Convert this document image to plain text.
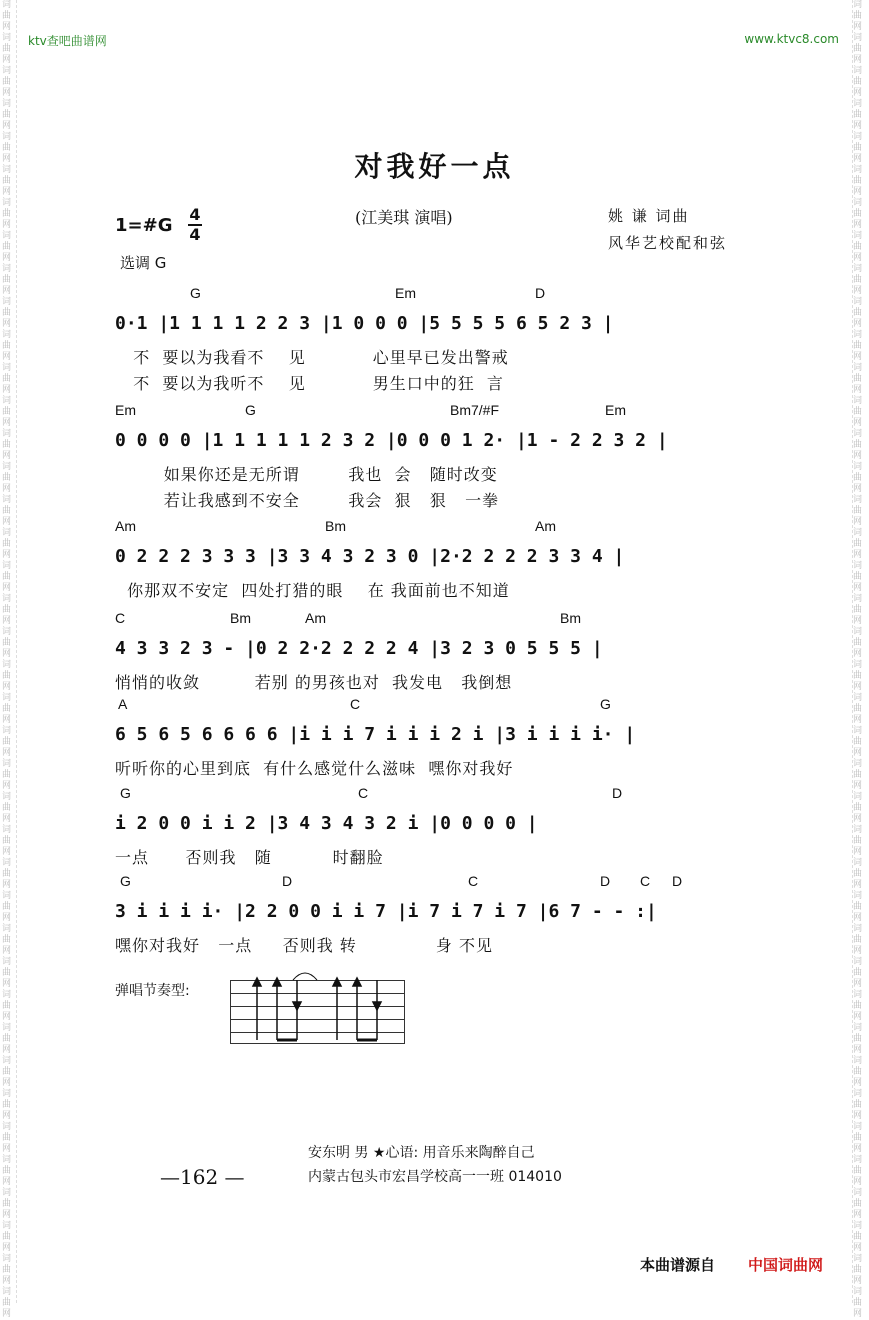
词曲网 词曲网 词曲网 词曲网 词曲网 词曲网 词曲网 词曲网 词曲网 词曲网 词曲网 词曲网 词曲网 词曲网 词曲网 词曲网 词曲网 词曲网 词曲网 词曲网 词曲网 词曲网 词曲网 词曲网 词曲网 词曲网 词曲网 词曲网 词曲网 词曲网 词曲网 词曲网 词曲网 词曲网 词曲网 词曲网 词曲网 词曲网 词曲网 词曲网
词曲网 词曲网 词曲网 词曲网 词曲网 词曲网 词曲网 词曲网 词曲网 词曲网 词曲网 词曲网 词曲网 词曲网 词曲网 词曲网 词曲网 词曲网 词曲网 词曲网 词曲网 词曲网 词曲网 词曲网 词曲网 词曲网 词曲网 词曲网 词曲网 词曲网 词曲网 词曲网 词曲网 词曲网 词曲网 词曲网 词曲网 词曲网 词曲网 词曲网
ktv查吧曲谱网	www.ktvc8.com
对我好一点
(江美琪 演唱)	姚 谦 词曲
风华艺校配和弦
1=#G
4
4
选调 G
G	Em	D
0·1 |1 1 1 1 2 2 3 |1 0 0 0 |5 5 5 5 6 5 2 3 |
不  要以为我看不    见           心里早已发出警戒
不  要以为我听不    见           男生口中的狂  言
Em	G	Bm7/#F	Em
0 0 0 0 |1 1 1 1 1 2 3 2 |0 0 0 1 2· |1 - 2 2 3 2 |
如果你还是无所谓        我也  会   随时改变
若让我感到不安全        我会  狠   狠   一拳
Am	Bm	Am
0 2 2 2 3 3 3 |3 3 4 3 2 3 0 |2·2 2 2 2 3 3 4 |
你那双不安定  四处打猎的眼    在 我面前也不知道
C	Bm	Am	Bm
4 3 3 2 3 - |0 2 2·2 2 2 2 4 |3 2 3 0 5 5 5 |
悄悄的收敛         若别 的男孩也对  我发电   我倒想
A	C	G
6 5 6 5 6 6 6 6 |i i i 7 i i i 2 i |3 i i i i· |
听听你的心里到底  有什么感觉什么滋味  嘿你对我好
G	C	D
i 2 0 0 i i 2 |3 4 3 4 3 2 i |0 0 0 0 |
一点      否则我   随          时翻脸
G	D	C	D C D
3 i i i i· |2 2 0 0 i i 7 |i 7 i 7 i 7 |6 7 - - :|
嘿你对我好   一点     否则我 转             身 不见
弹唱节奏型:
—162 —
安东明 男 ★心语: 用音乐来陶醉自己
内蒙古包头市宏昌学校高一一班 014010
本曲谱源自 中国词曲网
